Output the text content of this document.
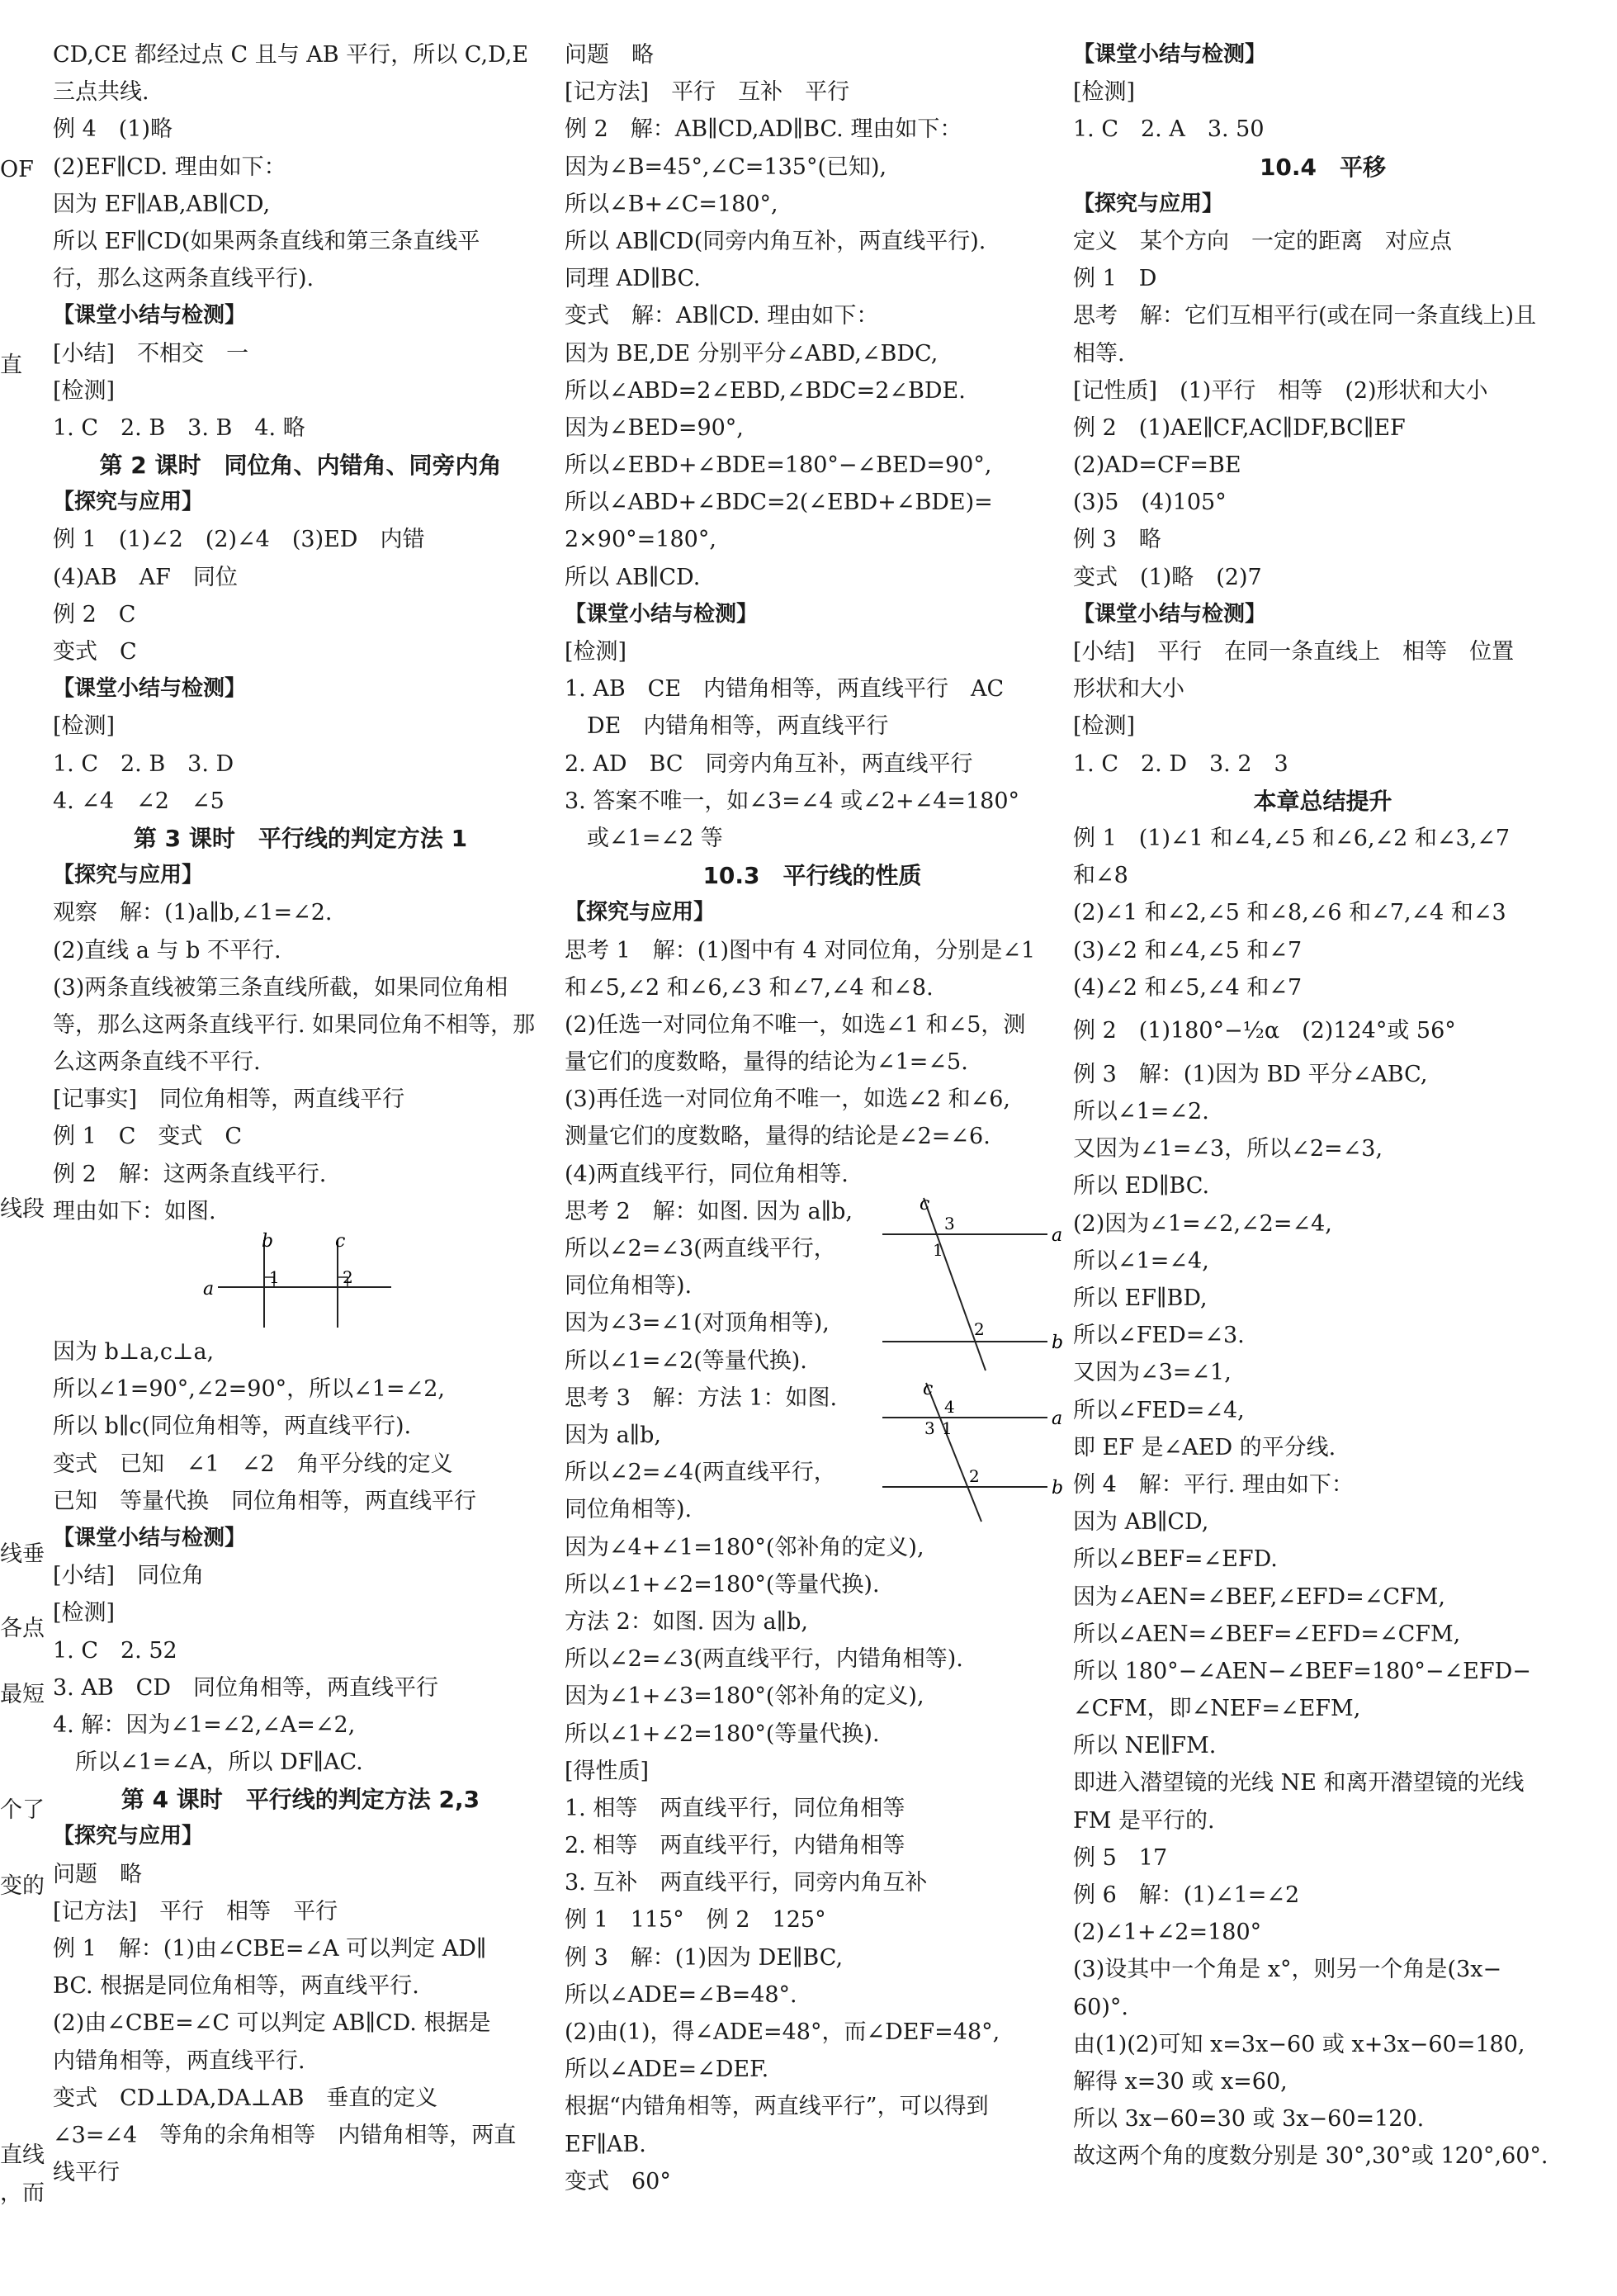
OF
直
线段
线垂
各点
最短
个了
变的
直线
，而
CD,CE 都经过点 C 且与 AB 平行，所以 C,D,E
三点共线.
例 4　(1)略
(2)EF∥CD. 理由如下：
因为 EF∥AB,AB∥CD,
所以 EF∥CD(如果两条直线和第三条直线平
行，那么这两条直线平行).
【课堂小结与检测】
[小结]　不相交　一
[检测]
1. C　2. B　3. B　4. 略
第 2 课时　同位角、内错角、同旁内角
【探究与应用】
例 1　(1)∠2　(2)∠4　(3)ED　内错
(4)AB　AF　同位
例 2　C
变式　C
【课堂小结与检测】
[检测]
1. C　2. B　3. D
4. ∠4　∠2　∠5
第 3 课时　平行线的判定方法 1
【探究与应用】
观察　解：(1)a∥b,∠1=∠2.
(2)直线 a 与 b 不平行.
(3)两条直线被第三条直线所截，如果同位角相
等，那么这两条直线平行. 如果同位角不相等，那
么这两条直线不平行.
[记事实]　同位角相等，两直线平行
例 1　C　变式　C
例 2　解：这两条直线平行.
理由如下：如图.
a
b	c
1	2
因为 b⊥a,c⊥a,
所以∠1=90°,∠2=90°，所以∠1=∠2,
所以 b∥c(同位角相等，两直线平行).
变式　已知　∠1　∠2　角平分线的定义
已知　等量代换　同位角相等，两直线平行
【课堂小结与检测】
[小结]　同位角
[检测]
1. C　2. 52
3. AB　CD　同位角相等，两直线平行
4. 解：因为∠1=∠2,∠A=∠2,
　所以∠1=∠A，所以 DF∥AC.
第 4 课时　平行线的判定方法 2,3
【探究与应用】
问题　略
[记方法]　平行　相等　平行
例 1　解：(1)由∠CBE=∠A 可以判定 AD∥
BC. 根据是同位角相等，两直线平行.
(2)由∠CBE=∠C 可以判定 AB∥CD. 根据是
内错角相等，两直线平行.
变式　CD⊥DA,DA⊥AB　垂直的定义
∠3=∠4　等角的余角相等　内错角相等，两直
线平行
问题　略
[记方法]　平行　互补　平行
例 2　解：AB∥CD,AD∥BC. 理由如下：
因为∠B=45°,∠C=135°(已知),
所以∠B+∠C=180°,
所以 AB∥CD(同旁内角互补，两直线平行).
同理 AD∥BC.
变式　解：AB∥CD. 理由如下：
因为 BE,DE 分别平分∠ABD,∠BDC,
所以∠ABD=2∠EBD,∠BDC=2∠BDE.
因为∠BED=90°,
所以∠EBD+∠BDE=180°−∠BED=90°,
所以∠ABD+∠BDC=2(∠EBD+∠BDE)=
2×90°=180°,
所以 AB∥CD.
【课堂小结与检测】
[检测]
1. AB　CE　内错角相等，两直线平行　AC
　DE　内错角相等，两直线平行
2. AD　BC　同旁内角互补，两直线平行
3. 答案不唯一，如∠3=∠4 或∠2+∠4=180°
　或∠1=∠2 等
10.3　平行线的性质
【探究与应用】
思考 1　解：(1)图中有 4 对同位角，分别是∠1
和∠5,∠2 和∠6,∠3 和∠7,∠4 和∠8.
(2)任选一对同位角不唯一，如选∠1 和∠5，测
量它们的度数略，量得的结论为∠1=∠5.
(3)再任选一对同位角不唯一，如选∠2 和∠6,
测量它们的度数略，量得的结论是∠2=∠6.
(4)两直线平行，同位角相等.
思考 2　解：如图. 因为 a∥b,
所以∠2=∠3(两直线平行，
同位角相等).
因为∠3=∠1(对顶角相等),
所以∠1=∠2(等量代换).
c
a
b
3
1
2
思考 3　解：方法 1：如图.
因为 a∥b,
所以∠2=∠4(两直线平行，
同位角相等).
c
a
b
4
1
3
2
因为∠4+∠1=180°(邻补角的定义),
所以∠1+∠2=180°(等量代换).
方法 2：如图. 因为 a∥b,
所以∠2=∠3(两直线平行，内错角相等).
因为∠1+∠3=180°(邻补角的定义),
所以∠1+∠2=180°(等量代换).
[得性质]
1. 相等　两直线平行，同位角相等
2. 相等　两直线平行，内错角相等
3. 互补　两直线平行，同旁内角互补
例 1　115°　例 2　125°
例 3　解：(1)因为 DE∥BC,
所以∠ADE=∠B=48°.
(2)由(1)，得∠ADE=48°，而∠DEF=48°,
所以∠ADE=∠DEF.
根据“内错角相等，两直线平行”，可以得到
EF∥AB.
变式　60°
【课堂小结与检测】
[检测]
1. C　2. A　3. 50
10.4　平移
【探究与应用】
定义　某个方向　一定的距离　对应点
例 1　D
思考　解：它们互相平行(或在同一条直线上)且
相等.
[记性质]　(1)平行　相等　(2)形状和大小
例 2　(1)AE∥CF,AC∥DF,BC∥EF
(2)AD=CF=BE
(3)5　(4)105°
例 3　略
变式　(1)略　(2)7
【课堂小结与检测】
[小结]　平行　在同一条直线上　相等　位置
形状和大小
[检测]
1. C　2. D　3. 2　3
本章总结提升
例 1　(1)∠1 和∠4,∠5 和∠6,∠2 和∠3,∠7
和∠8
(2)∠1 和∠2,∠5 和∠8,∠6 和∠7,∠4 和∠3
(3)∠2 和∠4,∠5 和∠7
(4)∠2 和∠5,∠4 和∠7
例 2　(1)180°−½α　(2)124°或 56°
例 3　解：(1)因为 BD 平分∠ABC,
所以∠1=∠2.
又因为∠1=∠3，所以∠2=∠3,
所以 ED∥BC.
(2)因为∠1=∠2,∠2=∠4,
所以∠1=∠4,
所以 EF∥BD,
所以∠FED=∠3.
又因为∠3=∠1,
所以∠FED=∠4,
即 EF 是∠AED 的平分线.
例 4　解：平行. 理由如下：
因为 AB∥CD,
所以∠BEF=∠EFD.
因为∠AEN=∠BEF,∠EFD=∠CFM,
所以∠AEN=∠BEF=∠EFD=∠CFM,
所以 180°−∠AEN−∠BEF=180°−∠EFD−
∠CFM，即∠NEF=∠EFM,
所以 NE∥FM.
即进入潜望镜的光线 NE 和离开潜望镜的光线
FM 是平行的.
例 5　17
例 6　解：(1)∠1=∠2
(2)∠1+∠2=180°
(3)设其中一个角是 x°，则另一个角是(3x−
60)°.
由(1)(2)可知 x=3x−60 或 x+3x−60=180,
解得 x=30 或 x=60,
所以 3x−60=30 或 3x−60=120.
故这两个角的度数分别是 30°,30°或 120°,60°.
